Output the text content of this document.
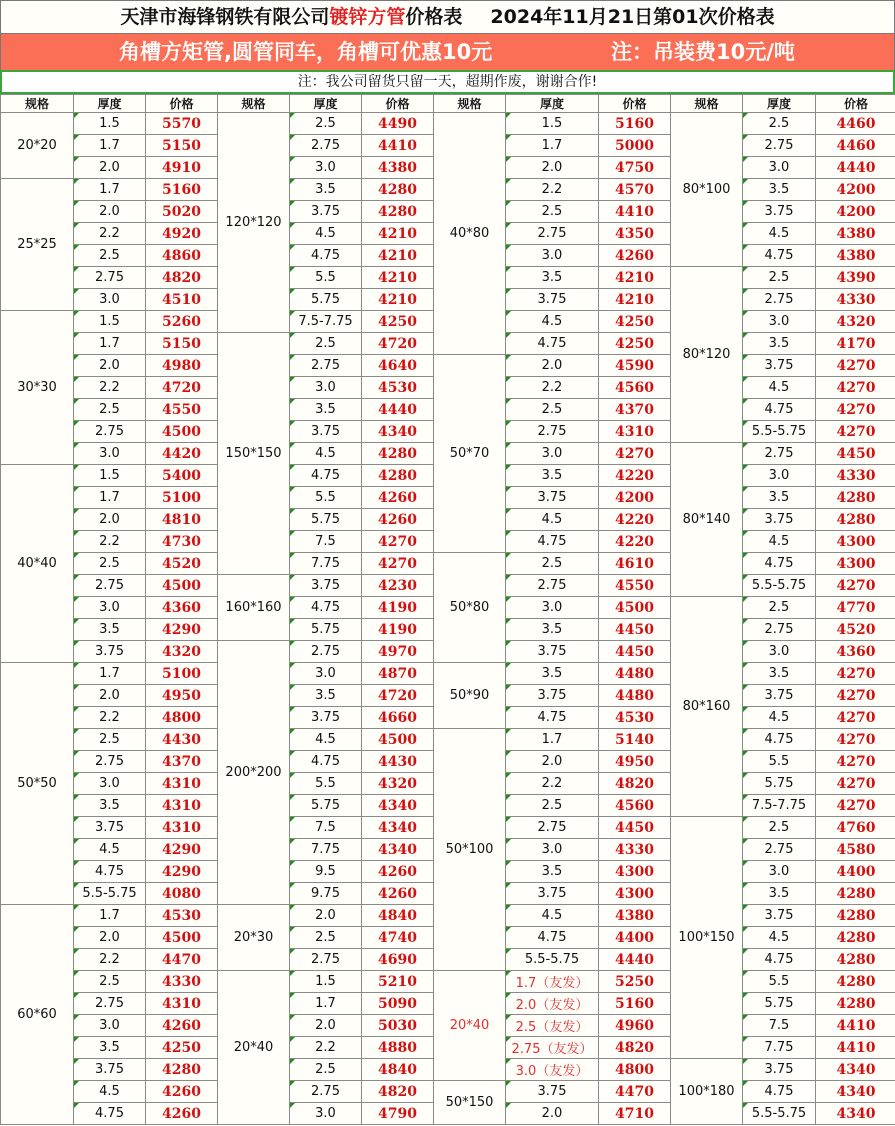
天津市海锋钢铁有限公司镀锌方管价格表 2024年11月21日第01次价格表
角槽方矩管,圆管同车，角槽可优惠10元	注：吊装费10元/吨
注：我公司留货只留一天，超期作废，谢谢合作!
规格	厚度	价格	规格	厚度	价格	规格	厚度	价格	规格	厚度	价格
20*20	1.5	5570	120*120	2.5	4490	40*80	1.5	5160	80*100	2.5	4460
	1.7	5150		2.75	4410		1.7	5000		2.75	4460
	2.0	4910		3.0	4380		2.0	4750		3.0	4440
25*25	1.7	5160		3.5	4280		2.2	4570		3.5	4200
	2.0	5020		3.75	4280		2.5	4410		3.75	4200
	2.2	4920		4.5	4210		2.75	4350		4.5	4380
	2.5	4860		4.75	4210		3.0	4260		4.75	4380
	2.75	4820		5.5	4210		3.5	4210	80*120	2.5	4390
	3.0	4510		5.75	4210		3.75	4210		2.75	4330
30*30	1.5	5260		7.5-7.75	4250		4.5	4250		3.0	4320
	1.7	5150	150*150	2.5	4720		4.75	4250		3.5	4170
	2.0	4980		2.75	4640	50*70	2.0	4590		3.75	4270
	2.2	4720		3.0	4530		2.2	4560		4.5	4270
	2.5	4550		3.5	4440		2.5	4370		4.75	4270
	2.75	4500		3.75	4340		2.75	4310		5.5-5.75	4270
	3.0	4420		4.5	4280		3.0	4270	80*140	2.75	4450
40*40	1.5	5400		4.75	4280		3.5	4220		3.0	4330
	1.7	5100		5.5	4260		3.75	4200		3.5	4280
	2.0	4810		5.75	4260		4.5	4220		3.75	4280
	2.2	4730		7.5	4270		4.75	4220		4.5	4300
	2.5	4520		7.75	4270	50*80	2.5	4610		4.75	4300
	2.75	4500	160*160	3.75	4230		2.75	4550		5.5-5.75	4270
	3.0	4360		4.75	4190		3.0	4500	80*160	2.5	4770
	3.5	4290		5.75	4190		3.5	4450		2.75	4520
	3.75	4320	200*200	2.75	4970		3.75	4450		3.0	4360
50*50	1.7	5100		3.0	4870	50*90	3.5	4480		3.5	4270
	2.0	4950		3.5	4720		3.75	4480		3.75	4270
	2.2	4800		3.75	4660		4.75	4530		4.5	4270
	2.5	4430		4.5	4500	50*100	1.7	5140		4.75	4270
	2.75	4370		4.75	4430		2.0	4950		5.5	4270
	3.0	4310		5.5	4320		2.2	4820		5.75	4270
	3.5	4310		5.75	4340		2.5	4560		7.5-7.75	4270
	3.75	4310		7.5	4340		2.75	4450	100*150	2.5	4760
	4.5	4290		7.75	4340		3.0	4330		2.75	4580
	4.75	4290		9.5	4260		3.5	4300		3.0	4400
	5.5-5.75	4080		9.75	4260		3.75	4300		3.5	4280
60*60	1.7	4530	20*30	2.0	4840		4.5	4380		3.75	4280
	2.0	4500		2.5	4740		4.75	4400		4.5	4280
	2.2	4470		2.75	4690		5.5-5.75	4440		4.75	4280
	2.5	4330	20*40	1.5	5210	20*40	1.7（友发）	5250		5.5	4280
	2.75	4310		1.7	5090		2.0（友发）	5160		5.75	4280
	3.0	4260		2.0	5030		2.5（友发）	4960		7.5	4410
	3.5	4250		2.2	4880		2.75（友发）	4820		7.75	4410
	3.75	4280		2.5	4840		3.0（友发）	4800	100*180	3.75	4340
	4.5	4260		2.75	4820	50*150	3.75	4470		4.75	4340
	4.75	4260		3.0	4790		2.0	4710		5.5-5.75	4340
